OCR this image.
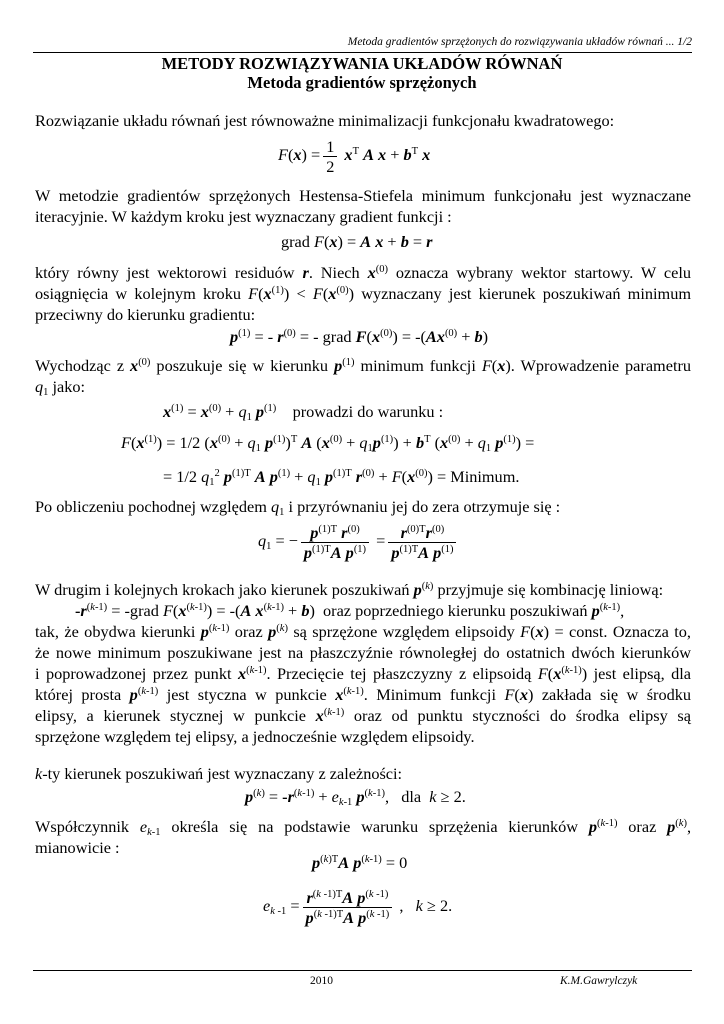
Metoda gradientów sprzężonych do rozwiązywania układów równań ... 1/2
METODY ROZWIĄZYWANIA UKŁADÓW RÓWNAŃ
Metoda gradientów sprzężonych
Rozwiązanie układu równań jest równoważne minimalizacji funkcjonału kwadratowego:
$F(x) = \frac{1}{2} x^T$ A $x + b^T$ x
W metodzie gradientów sprzężonych Hestensa-Stiefela minimum funkcjonału jest wyznaczane
iteracyjnie. W każdym kroku jest wyznaczany gradient funkcji :
grad F(x) = A x + b = r
który równy jest wektorowi residuów r. Niech $x^{(0)}$ oznacza wybrany wektor startowy. W celu
osiągnięcia w kolejnym kroku $F(x^{(1)}) < F(x^{(0)})$ wyznaczany jest kierunek poszukiwań minimum
przeciwny do kierunku gradientu:
$p^{(1)}$ = - $r^{(0)}$ = - grad $F(x^{(0)}) = -(Ax^{(0)} + b)$
Wychodząc z $x^{(0)}$ poszukuje się w kierunku $p^{(1)}$ minimum funkcji F(x). Wprowadzenie parametru
$q_1$ jako:
$x^{(1)} = x^{(0)} + q_1$ $p^{(1)}$ prowadzi do warunku :
$F(x^{(1)}) = 1/2$ ($x^{(0)} + q_1$ $p^{(1)})^T$ A $(x^{(0)} + q_1p^{(1)}) + b^T$ ($x^{(0)} + q_1$ $p^{(1)}$) =
= 1/2 $q_1^2$ $p^{(1)T}$ A $p^{(1)} + q_1$ $p^{(1)T}$ $r^{(0)} + F(x^{(0)})$ = Minimum.
Po obliczeniu pochodnej względem $q_1$ i przyrównaniu jej do zera otrzymuje się :
$q_1$ = − $\frac{p^{(1)T} r^{(0)}}{p^{(1)T}A p^{(1)}} = \frac{r^{(0)T}r^{(0)}}{p^{(1)T}A p^{(1)}}$
W drugim i kolejnych krokach jako kierunek poszukiwań $p^{(k)}$ przyjmuje się kombinację liniową:
$-r^{(k-1)}$ = -grad $F(x^{(k-1)}) = -(A$ $x^{(k-1)} + b$)  oraz poprzedniego kierunku poszukiwań $p^{(k-1)}$,
tak, że obydwa kierunki $p^{(k-1)}$ oraz $p^{(k)}$ są sprzężone względem elipsoidy F(x) = const. Oznacza to,
że nowe minimum poszukiwane jest na płaszczyźnie równoległej do ostatnich dwóch kierunków
i poprowadzonej przez punkt $x^{(k-1)}$. Przecięcie tej płaszczyzny z elipsoidą $F(x^{(k-1)})$ jest elipsą, dla
której prosta $p^{(k-1)}$ jest styczna w punkcie $x^{(k-1)}$. Minimum funkcji F(x) zakłada się w środku
elipsy, a kierunek stycznej w punkcie $x^{(k-1)}$ oraz od punktu styczności do środka elipsy są
sprzężone względem tej elipsy, a jednocześnie względem elipsoidy.
k-ty kierunek poszukiwań jest wyznaczany z zależności:
$p^{(k)} = -r^{(k-1)} + e_{k-1}$ $p^{(k-1)}$,   dla k ≥ 2.
Współczynnik $e_{k-1}$ określa się na podstawie warunku sprzężenia kierunków $p^{(k-1)}$ oraz $p^{(k)}$,
mianowicie :
$p^{(k)T}A$ $p^{(k-1)} = 0$
$e_{k -1} = \frac{r^{(k -1)T}A p^{(k -1)}}{p^{(k -1)T}A p^{(k -1)}}$ ,   k ≥ 2.
2010	K.M.Gawrylczyk
